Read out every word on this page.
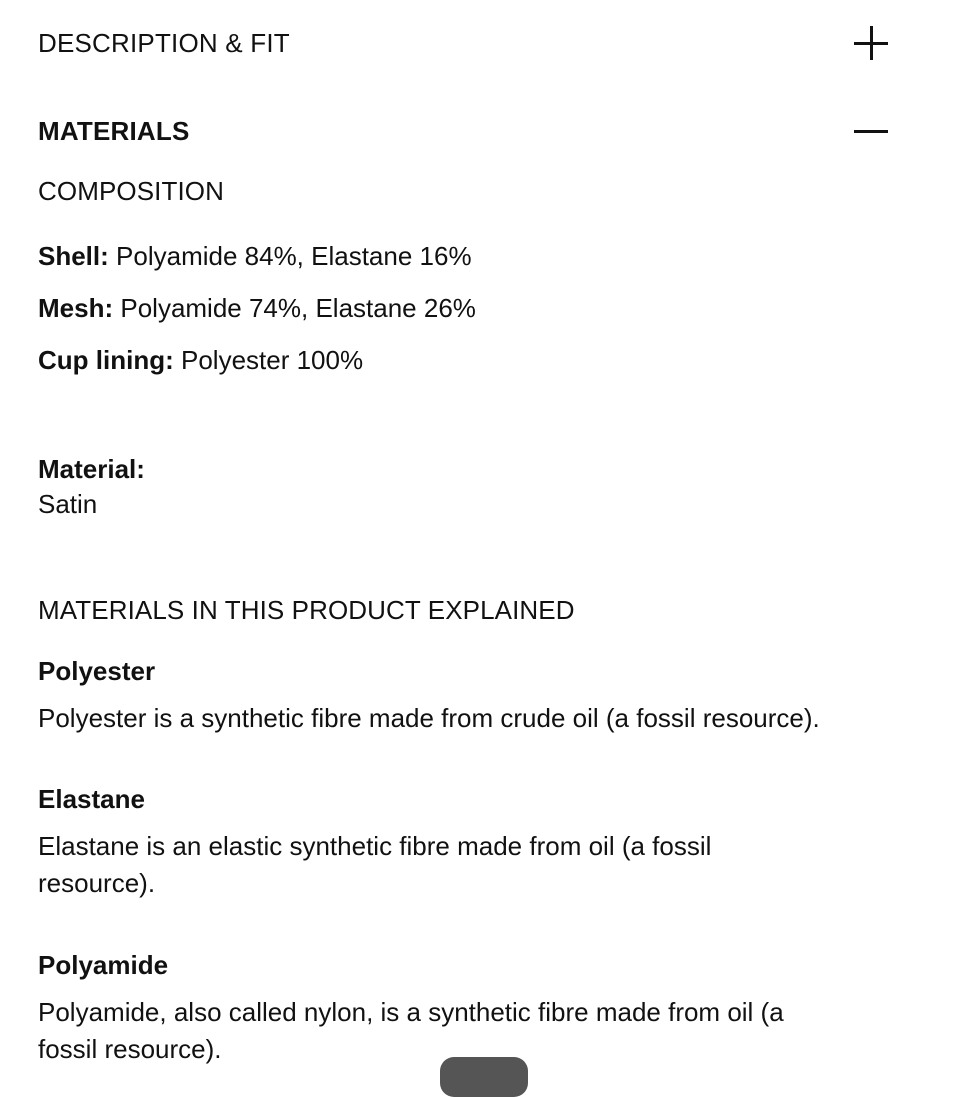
DESCRIPTION & FIT
MATERIALS
COMPOSITION
Shell: Polyamide 84%, Elastane 16%
Mesh: Polyamide 74%, Elastane 26%
Cup lining: Polyester 100%
Material:
Satin
MATERIALS IN THIS PRODUCT EXPLAINED
Polyester
Polyester is a synthetic fibre made from crude oil (a fossil resource).
Elastane
Elastane is an elastic synthetic fibre made from oil (a fossil resource).
Polyamide
Polyamide, also called nylon, is a synthetic fibre made from oil (a fossil resource).
